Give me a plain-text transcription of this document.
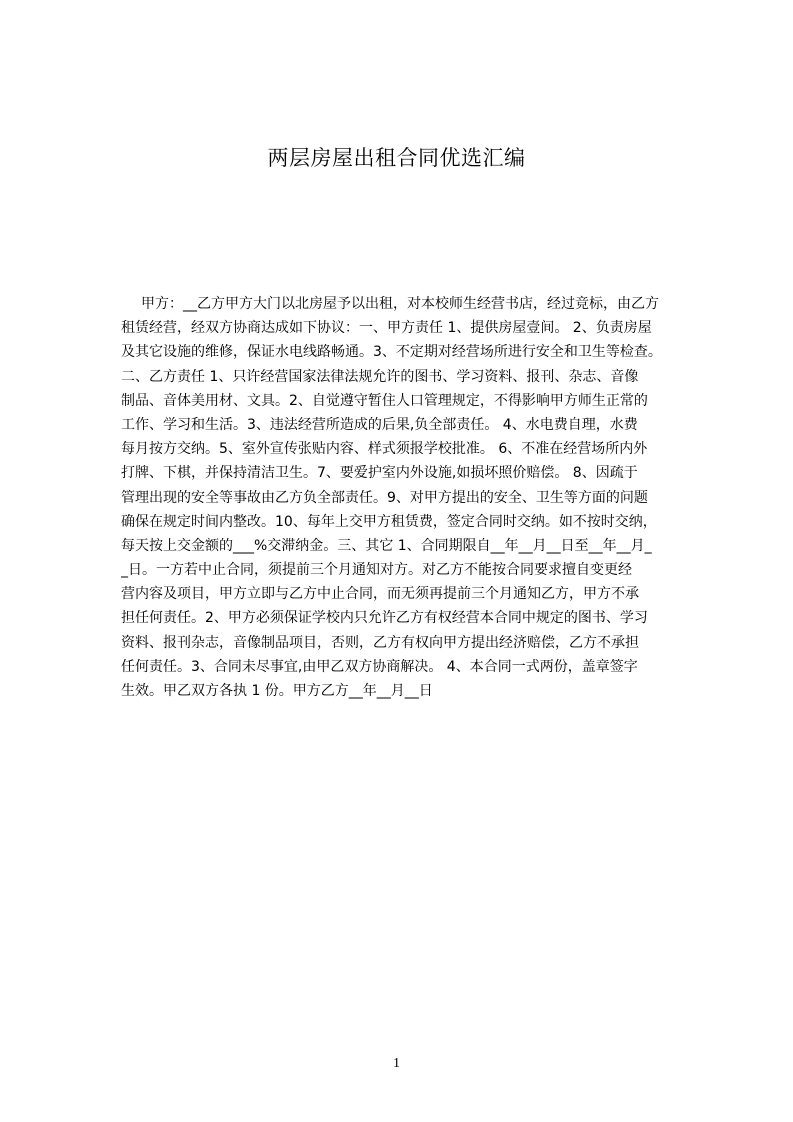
两层房屋出租合同优选汇编
甲方：__乙方甲方大门以北房屋予以出租，对本校师生经营书店，经过竞标，由乙方
租赁经营，经双方协商达成如下协议：一、甲方责任 1、提供房屋壹间。 2、负责房屋
及其它设施的维修，保证水电线路畅通。3、不定期对经营场所进行安全和卫生等检查。
二、乙方责任 1、只许经营国家法律法规允许的图书、学习资料、报刊、杂志、音像
制品、音体美用材、文具。2、自觉遵守暂住人口管理规定，不得影响甲方师生正常的
工作、学习和生活。3、违法经营所造成的后果,负全部责任。 4、水电费自理，水费
每月按方交纳。5、室外宣传张贴内容、样式须报学校批准。 6、不准在经营场所内外
打牌、下棋，并保持清洁卫生。7、要爱护室内外设施,如损坏照价赔偿。 8、因疏于
管理出现的安全等事故由乙方负全部责任。9、对甲方提出的安全、卫生等方面的问题
确保在规定时间内整改。10、每年上交甲方租赁费，签定合同时交纳。如不按时交纳，
每天按上交金额的___%交滞纳金。三、其它 1、合同期限自__年__月__日至__年__月_
_日。一方若中止合同，须提前三个月通知对方。对乙方不能按合同要求擅自变更经
营内容及项目，甲方立即与乙方中止合同，而无须再提前三个月通知乙方，甲方不承
担任何责任。2、甲方必须保证学校内只允许乙方有权经营本合同中规定的图书、学习
资料、报刊杂志，音像制品项目，否则，乙方有权向甲方提出经济赔偿，乙方不承担
任何责任。3、合同未尽事宜,由甲乙双方协商解决。 4、本合同一式两份，盖章签字
生效。甲乙双方各执 1 份。甲方乙方__年__月__日
1
